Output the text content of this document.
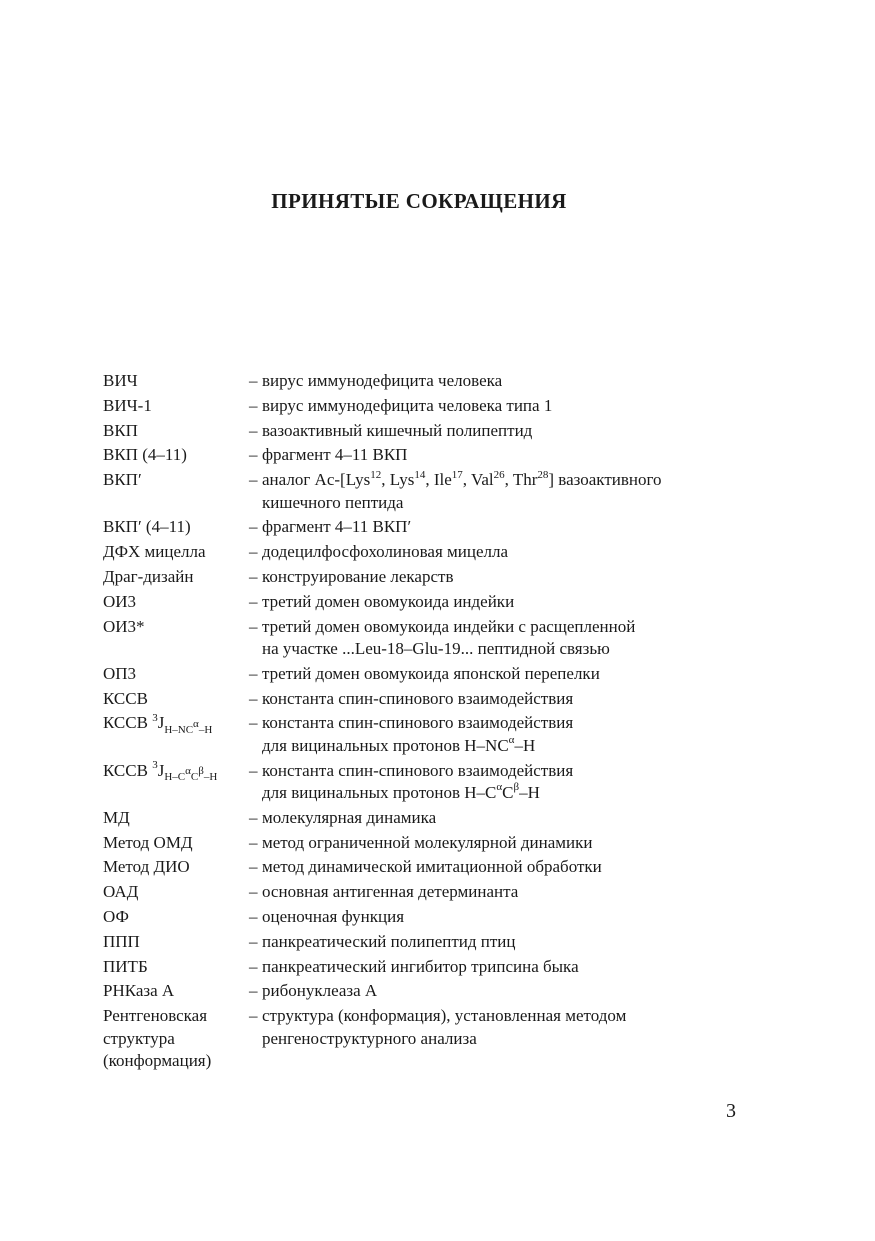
ПРИНЯТЫЕ СОКРАЩЕНИЯ
ВИЧ	– вирус иммунодефицита человека
ВИЧ-1	– вирус иммунодефицита человека типа 1
ВКП	– вазоактивный кишечный полипептид
ВКП (4–11)	– фрагмент 4–11 ВКП
ВКП′	– аналог Ac-[Lys$^{12}$, Lys$^{14}$, Ile$^{17}$, Val$^{26}$, Thr$^{28}$] вазоактивного
кишечного пептида
ВКП′ (4–11)	– фрагмент 4–11 ВКП′
ДФХ мицелла	– додецилфосфохолиновая мицелла
Драг-дизайн	– конструирование лекарств
ОИ3	– третий домен овомукоида индейки
ОИ3*	– третий домен овомукоида индейки с расщепленной
на участке ...Leu-18–Glu-19... пептидной связью
ОП3	– третий домен овомукоида японской перепелки
КССВ	– константа спин-спинового взаимодействия
КССВ $^3J_{H-NC^\alpha-H}$	– константа спин-спинового взаимодействия
для вицинальных протонов $H-NC^\alpha-H$
КССВ $^3J_{H-C^\alpha C^\beta-H}$	– константа спин-спинового взаимодействия
для вицинальных протонов $H-C^\alpha C^\beta-H$
МД	– молекулярная динамика
Метод ОМД	– метод ограниченной молекулярной динамики
Метод ДИО	– метод динамической имитационной обработки
ОАД	– основная антигенная детерминанта
ОФ	– оценочная функция
ППП	– панкреатический полипептид птиц
ПИТБ	– панкреатический ингибитор трипсина быка
РНКаза А	– рибонуклеаза А
Рентгеновская
структура
(конформация)
– структура (конформация), установленная методом
ренгеноструктурного анализа
3
